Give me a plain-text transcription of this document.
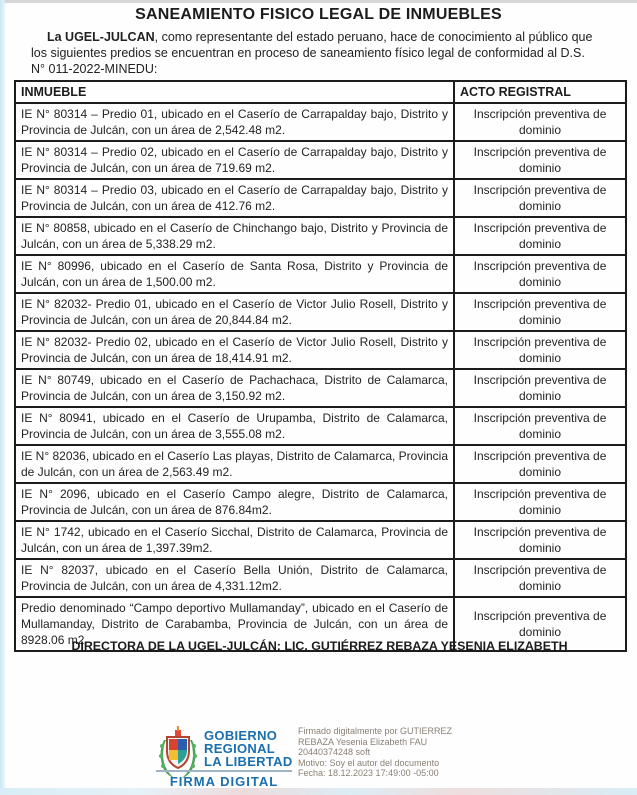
SANEAMIENTO FISICO LEGAL DE INMUEBLES

La UGEL-JULCAN, como representante del estado peruano, hace de conocimiento al público que los siguientes predios se encuentran en proceso de saneamiento físico legal de conformidad al D.S. N° 011-2022-MINEDU:

INMUEBLE	ACTO REGISTRAL
IE N° 80314 – Predio 01, ubicado en el Caserío de Carrapalday bajo, Distrito y Provincia de Julcán, con un área de 2,542.48 m2.	Inscripción preventiva de dominio
IE N° 80314 – Predio 02, ubicado en el Caserío de Carrapalday bajo, Distrito y Provincia de Julcán, con un área de 719.69 m2.	Inscripción preventiva de dominio
IE N° 80314 – Predio 03, ubicado en el Caserío de Carrapalday bajo, Distrito y Provincia de Julcán, con un área de 412.76 m2.	Inscripción preventiva de dominio
IE N° 80858, ubicado en el Caserío de Chinchango bajo, Distrito y Provincia de Julcán, con un área de 5,338.29 m2.	Inscripción preventiva de dominio
IE N° 80996, ubicado en el Caserío de Santa Rosa, Distrito y Provincia de Julcán, con un área de 1,500.00 m2.	Inscripción preventiva de dominio
IE N° 82032- Predio 01, ubicado en el Caserío de Victor Julio Rosell, Distrito y Provincia de Julcán, con un área de 20,844.84 m2.	Inscripción preventiva de dominio
IE N° 82032- Predio 02, ubicado en el Caserío de Victor Julio Rosell, Distrito y Provincia de Julcán, con un área de 18,414.91 m2.	Inscripción preventiva de dominio
IE N° 80749, ubicado en el Caserío de Pachachaca, Distrito de Calamarca, Provincia de Julcán, con un área de 3,150.92 m2.	Inscripción preventiva de dominio
IE N° 80941, ubicado en el Caserío de Urupamba, Distrito de Calamarca, Provincia de Julcán, con un área de 3,555.08 m2.	Inscripción preventiva de dominio
IE N° 82036, ubicado en el Caserío Las playas, Distrito de Calamarca, Provincia de Julcán, con un área de 2,563.49 m2.	Inscripción preventiva de dominio
IE N° 2096, ubicado en el Caserío Campo alegre, Distrito de Calamarca, Provincia de Julcán, con un área de 876.84m2.	Inscripción preventiva de dominio
IE N° 1742, ubicado en el Caserío Sicchal, Distrito de Calamarca, Provincia de Julcán, con un área de 1,397.39m2.	Inscripción preventiva de dominio
IE N° 82037, ubicado en el Caserío Bella Unión, Distrito de Calamarca, Provincia de Julcán, con un área de 4,331.12m2.	Inscripción preventiva de dominio
Predio denominado “Campo deportivo Mullamanday”, ubicado en el Caserío de Mullamanday, Distrito de Carabamba, Provincia de Julcán, con un área de 8928.06 m2.	Inscripción preventiva de dominio
DIRECTORA DE LA UGEL-JULCÁN: LIC. GUTIÉRREZ REBAZA YESENIA ELIZABETH
GOBIERNO
REGIONAL
LA LIBERTAD
FIRMA DIGITAL
Firmado digitalmente por GUTIERREZ
REBAZA Yesenia Elizabeth FAU
20440374248 soft
Motivo: Soy el autor del documento
Fecha: 18.12.2023 17:49:00 -05:00
